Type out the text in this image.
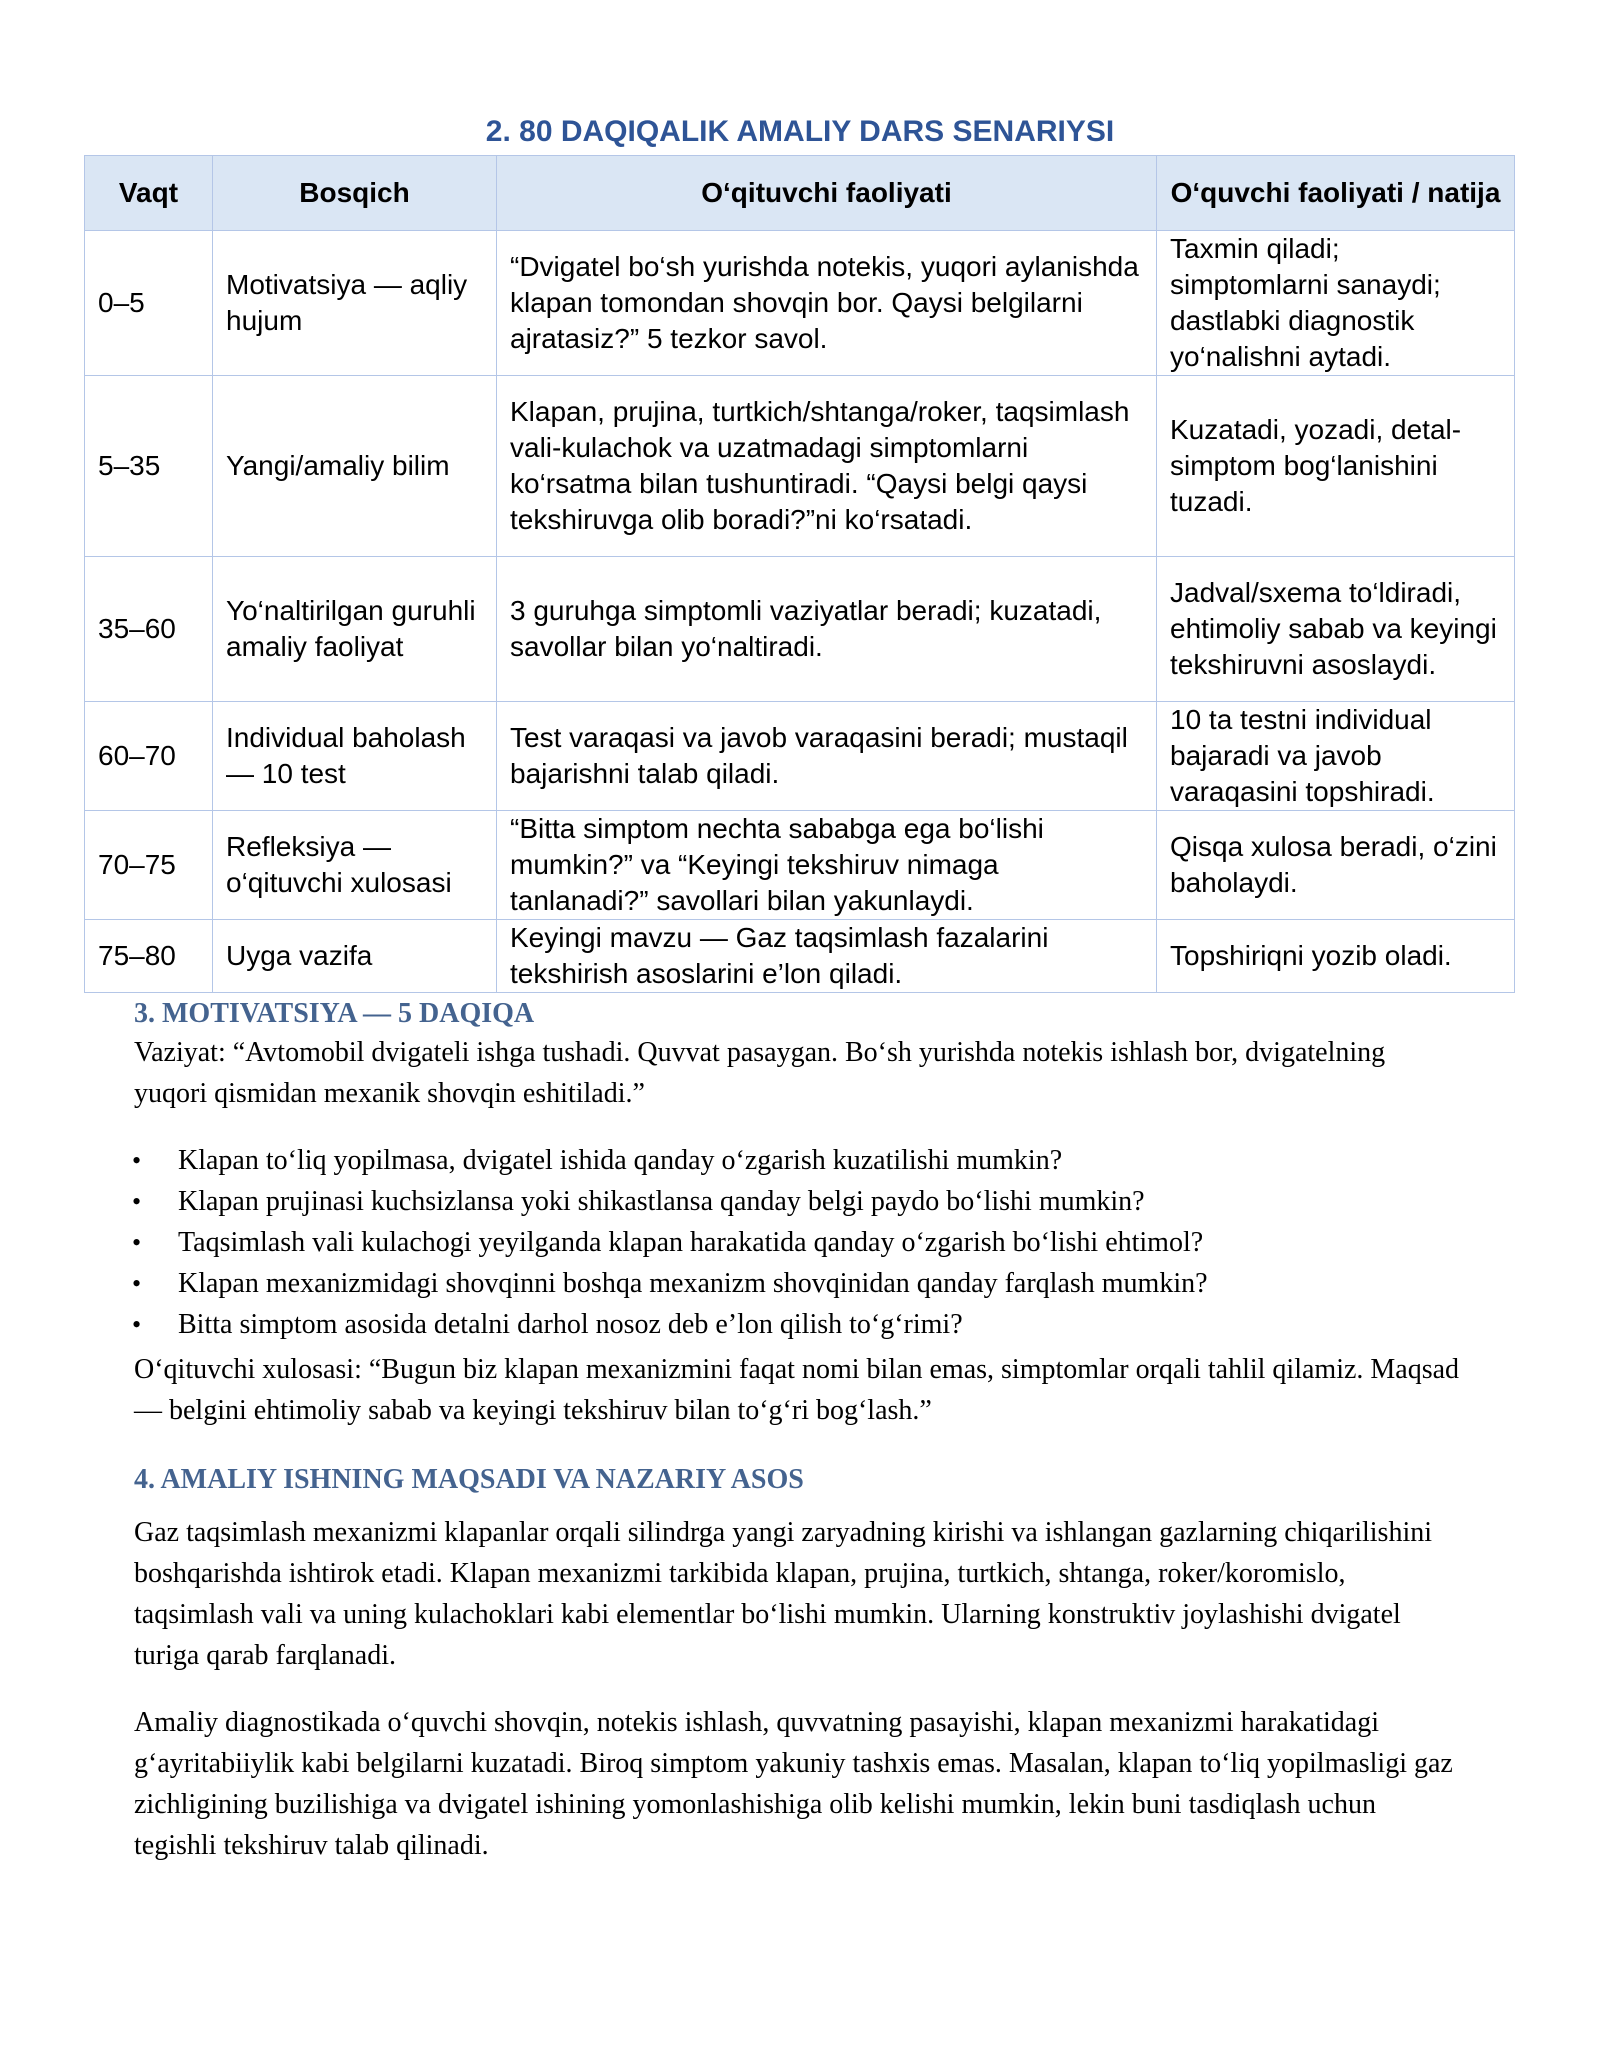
2. 80 DAQIQALIK AMALIY DARS SENARIYSI
Vaqt	Bosqich	O‘qituvchi faoliyati	O‘quvchi faoliyati / natija
0–5	Motivatsiya — aqliy hujum	“Dvigatel bo‘sh yurishda notekis, yuqori aylanishda klapan tomondan shovqin bor. Qaysi belgilarni ajratasiz?” 5 tezkor savol.	Taxmin qiladi; simptomlarni sanaydi; dastlabki diagnostik yo‘nalishni aytadi.
5–35	Yangi/amaliy bilim	Klapan, prujina, turtkich/shtanga/roker, taqsimlash vali-kulachok va uzatmadagi simptomlarni ko‘rsatma bilan tushuntiradi. “Qaysi belgi qaysi tekshiruvga olib boradi?”ni ko‘rsatadi.	Kuzatadi, yozadi, detal-simptom bog‘lanishini tuzadi.
35–60	Yo‘naltirilgan guruhli amaliy faoliyat	3 guruhga simptomli vaziyatlar beradi; kuzatadi, savollar bilan yo‘naltiradi.	Jadval/sxema to‘ldiradi, ehtimoliy sabab va keyingi tekshiruvni asoslaydi.
60–70	Individual baholash — 10 test	Test varaqasi va javob varaqasini beradi; mustaqil bajarishni talab qiladi.	10 ta testni individual bajaradi va javob varaqasini topshiradi.
70–75	Refleksiya — o‘qituvchi xulosasi	“Bitta simptom nechta sababga ega bo‘lishi mumkin?” va “Keyingi tekshiruv nimaga tanlanadi?” savollari bilan yakunlaydi.	Qisqa xulosa beradi, o‘zini baholaydi.
75–80	Uyga vazifa	Keyingi mavzu — Gaz taqsimlash fazalarini tekshirish asoslarini e’lon qiladi.	Topshiriqni yozib oladi.
3. MOTIVATSIYA — 5 DAQIQA

Vaziyat: “Avtomobil dvigateli ishga tushadi. Quvvat pasaygan. Bo‘sh yurishda notekis ishlash bor, dvigatelning yuqori qismidan mexanik shovqin eshitiladi.”

• Klapan to‘liq yopilmasa, dvigatel ishida qanday o‘zgarish kuzatilishi mumkin?
• Klapan prujinasi kuchsizlansa yoki shikastlansa qanday belgi paydo bo‘lishi mumkin?
• Taqsimlash vali kulachogi yeyilganda klapan harakatida qanday o‘zgarish bo‘lishi ehtimol?
• Klapan mexanizmidagi shovqinni boshqa mexanizm shovqinidan qanday farqlash mumkin?
• Bitta simptom asosida detalni darhol nosoz deb e’lon qilish to‘g‘rimi?

O‘qituvchi xulosasi: “Bugun biz klapan mexanizmini faqat nomi bilan emas, simptomlar orqali tahlil qilamiz. Maqsad — belgini ehtimoliy sabab va keyingi tekshiruv bilan to‘g‘ri bog‘lash.”

4. AMALIY ISHNING MAQSADI VA NAZARIY ASOS

Gaz taqsimlash mexanizmi klapanlar orqali silindrga yangi zaryadning kirishi va ishlangan gazlarning chiqarilishini boshqarishda ishtirok etadi. Klapan mexanizmi tarkibida klapan, prujina, turtkich, shtanga, roker/koromislo, taqsimlash vali va uning kulachoklari kabi elementlar bo‘lishi mumkin. Ularning konstruktiv joylashishi dvigatel turiga qarab farqlanadi.

Amaliy diagnostikada o‘quvchi shovqin, notekis ishlash, quvvatning pasayishi, klapan mexanizmi harakatidagi g‘ayritabiiylik kabi belgilarni kuzatadi. Biroq simptom yakuniy tashxis emas. Masalan, klapan to‘liq yopilmasligi gaz zichligining buzilishiga va dvigatel ishining yomonlashishiga olib kelishi mumkin, lekin buni tasdiqlash uchun tegishli tekshiruv talab qilinadi.
